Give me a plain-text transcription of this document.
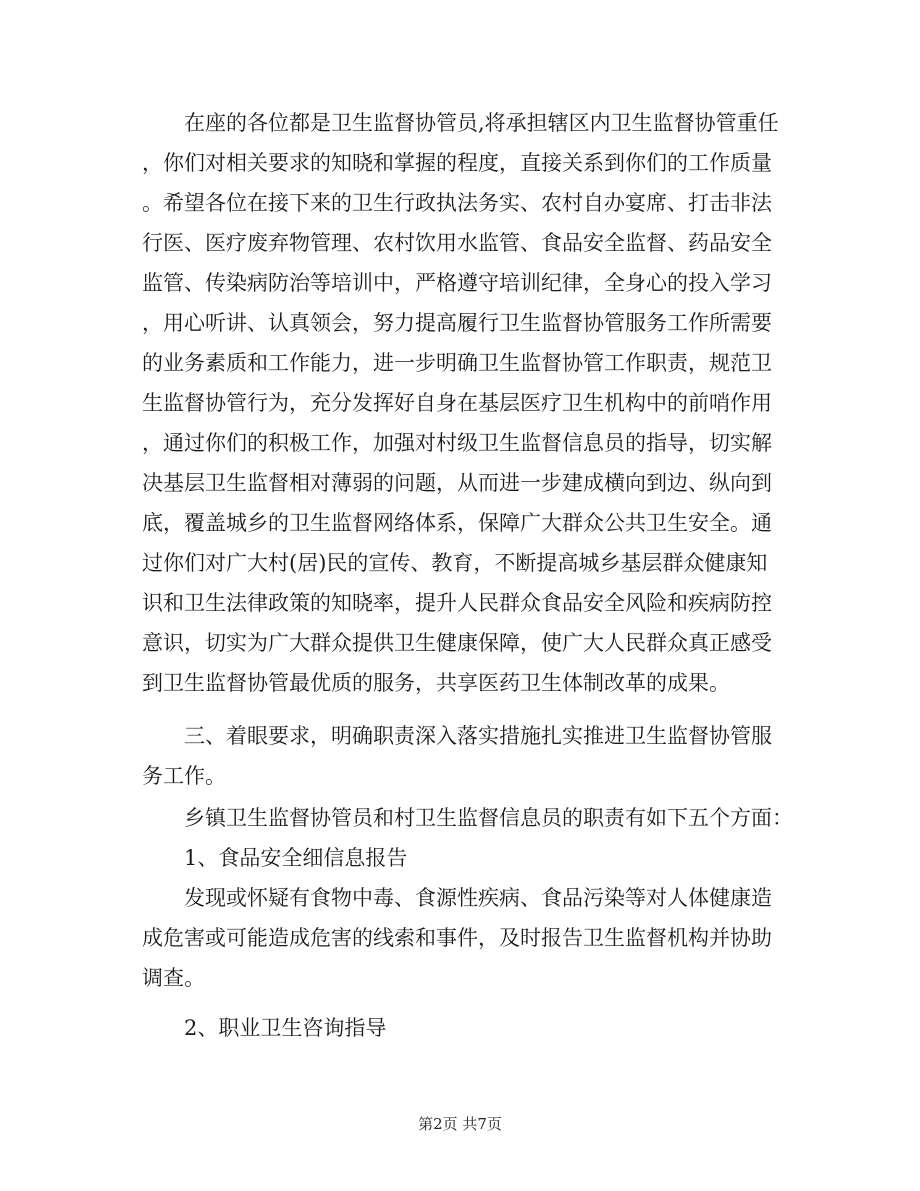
在座的各位都是卫生监督协管员,将承担辖区内卫生监督协管重任
，你们对相关要求的知晓和掌握的程度，直接关系到你们的工作质量
。希望各位在接下来的卫生行政执法务实、农村自办宴席、打击非法
行医、医疗废弃物管理、农村饮用水监管、食品安全监督、药品安全
监管、传染病防治等培训中，严格遵守培训纪律，全身心的投入学习
，用心听讲、认真领会，努力提高履行卫生监督协管服务工作所需要
的业务素质和工作能力，进一步明确卫生监督协管工作职责，规范卫
生监督协管行为，充分发挥好自身在基层医疗卫生机构中的前哨作用
，通过你们的积极工作，加强对村级卫生监督信息员的指导，切实解
决基层卫生监督相对薄弱的问题，从而进一步建成横向到边、纵向到
底，覆盖城乡的卫生监督网络体系，保障广大群众公共卫生安全。通
过你们对广大村(居)民的宣传、教育，不断提高城乡基层群众健康知
识和卫生法律政策的知晓率，提升人民群众食品安全风险和疾病防控
意识，切实为广大群众提供卫生健康保障，使广大人民群众真正感受
到卫生监督协管最优质的服务，共享医药卫生体制改革的成果。
三、着眼要求，明确职责深入落实措施扎实推进卫生监督协管服
务工作。
乡镇卫生监督协管员和村卫生监督信息员的职责有如下五个方面：
1、食品安全细信息报告
发现或怀疑有食物中毒、食源性疾病、食品污染等对人体健康造
成危害或可能造成危害的线索和事件，及时报告卫生监督机构并协助
调查。
2、职业卫生咨询指导
第2页 共7页
